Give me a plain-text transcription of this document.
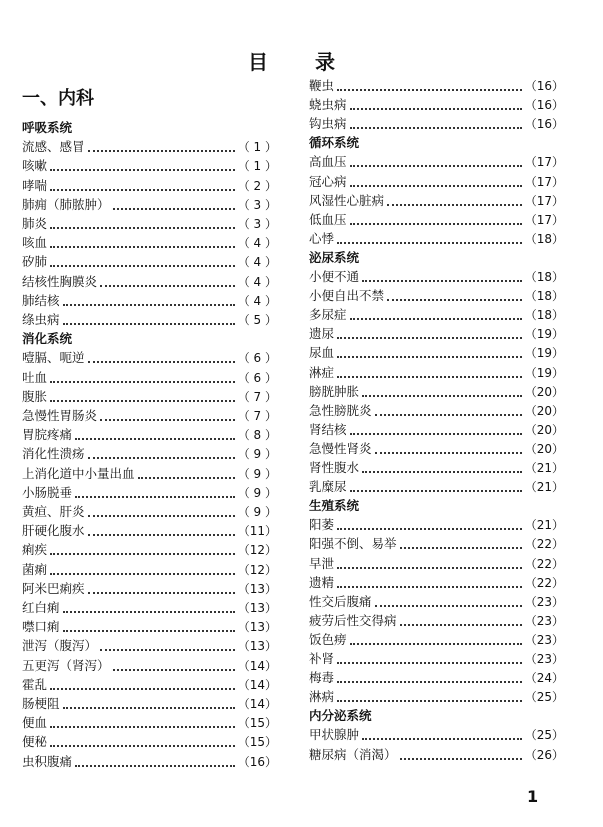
目 录
一、内科
呼吸系统
流感、感冒	（ 1 ）
咳嗽	（ 1 ）
哮喘	（ 2 ）
肺痈（肺脓肿）	（ 3 ）
肺炎	（ 3 ）
咳血	（ 4 ）
矽肺	（ 4 ）
结核性胸膜炎	（ 4 ）
肺结核	（ 4 ）
绦虫病	（ 5 ）
消化系统
噎膈、呃逆	（ 6 ）
吐血	（ 6 ）
腹胀	（ 7 ）
急慢性胃肠炎	（ 7 ）
胃脘疼痛	（ 8 ）
消化性溃疡	（ 9 ）
上消化道中小量出血	（ 9 ）
小肠脱垂	（ 9 ）
黄疸、肝炎	（ 9 ）
肝硬化腹水	（11）
痢疾	（12）
菌痢	（12）
阿米巴痢疾	（13）
红白痢	（13）
噤口痢	（13）
泄泻（腹泻）	（13）
五更泻（肾泻）	（14）
霍乱	（14）
肠梗阻	（14）
便血	（15）
便秘	（15）
虫积腹痛	（16）
鞭虫	（16）
蛲虫病	（16）
钩虫病	（16）
循环系统
高血压	（17）
冠心病	（17）
风湿性心脏病	（17）
低血压	（17）
心悸	（18）
泌尿系统
小便不通	（18）
小便自出不禁	（18）
多尿症	（18）
遗尿	（19）
尿血	（19）
淋症	（19）
膀胱肿胀	（20）
急性膀胱炎	（20）
肾结核	（20）
急慢性肾炎	（20）
肾性腹水	（21）
乳糜尿	（21）
生殖系统
阳萎	（21）
阳强不倒、易举	（22）
早泄	（22）
遗精	（22）
性交后腹痛	（23）
疲劳后性交得病	（23）
饭色痨	（23）
补肾	（23）
梅毒	（24）
淋病	（25）
内分泌系统
甲状腺肿	（25）
糖尿病（消渴）	（26）
1
